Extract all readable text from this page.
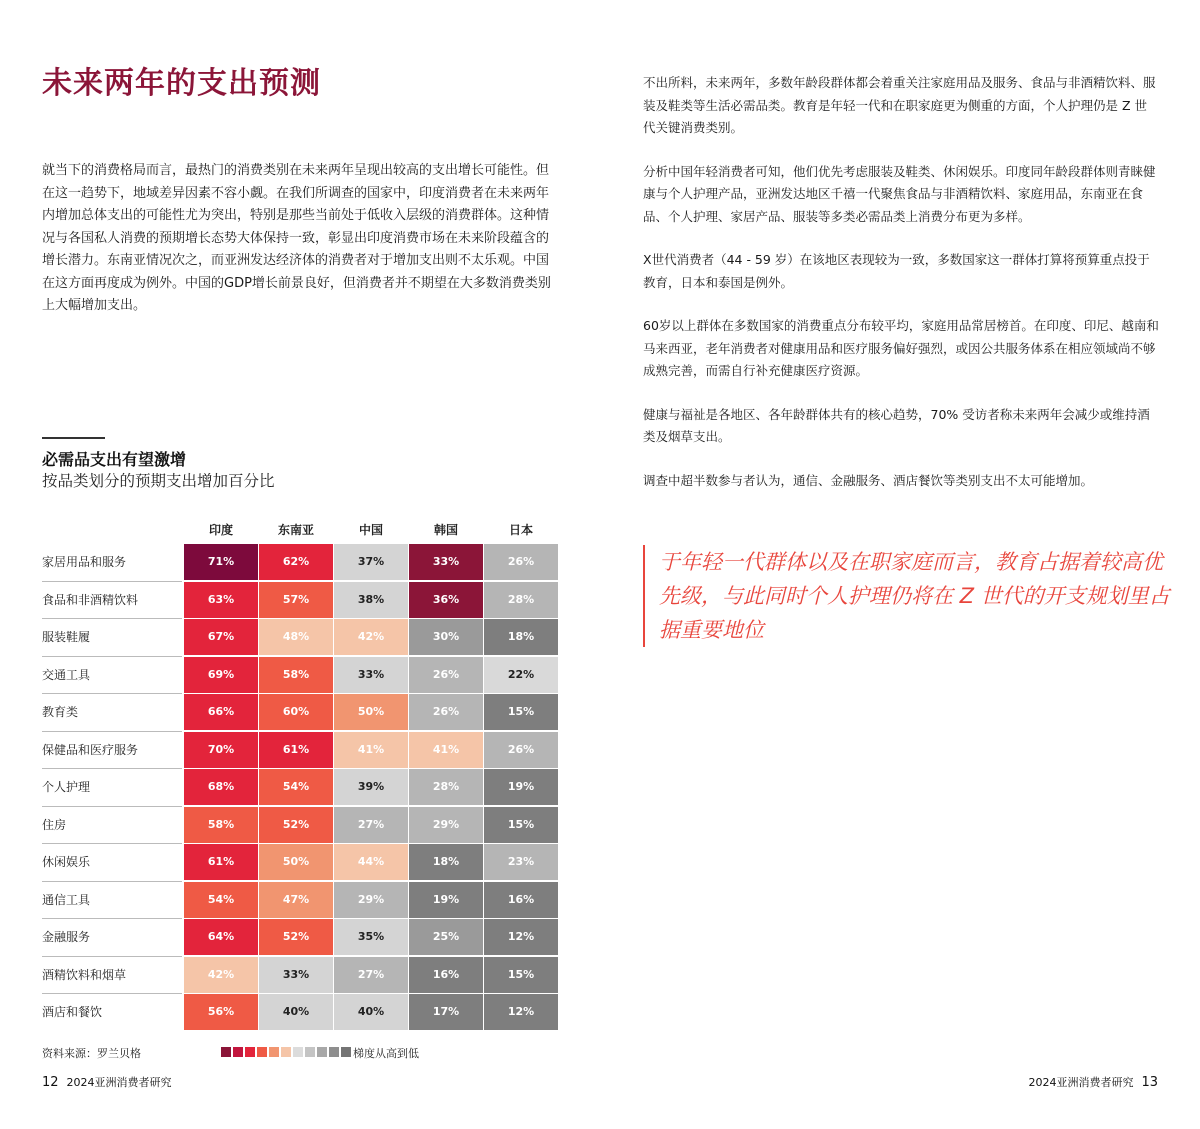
未来两年的支出预测

就当下的消费格局而言，最热门的消费类别在未来两年呈现出较高的支出增长可能性。但在这一趋势下，地域差异因素不容小觑。在我们所调查的国家中，印度消费者在未来两年内增加总体支出的可能性尤为突出，特别是那些当前处于低收入层级的消费群体。这种情况与各国私人消费的预期增长态势大体保持一致，彰显出印度消费市场在未来阶段蕴含的增长潜力。东南亚情况次之，而亚洲发达经济体的消费者对于增加支出则不太乐观。中国在这方面再度成为例外。中国的GDP增长前景良好，但消费者并不期望在大多数消费类别上大幅增加支出。

必需品支出有望激增

按品类划分的预期支出增加百分比

印度	东南亚	中国	韩国	日本
家居用品和服务	71%	62%	37%	33%	26%
食品和非酒精饮料	63%	57%	38%	36%	28%
服装鞋履	67%	48%	42%	30%	18%
交通工具	69%	58%	33%	26%	22%
教育类	66%	60%	50%	26%	15%
保健品和医疗服务	70%	61%	41%	41%	26%
个人护理	68%	54%	39%	28%	19%
住房	58%	52%	27%	29%	15%
休闲娱乐	61%	50%	44%	18%	23%
通信工具	54%	47%	29%	19%	16%
金融服务	64%	52%	35%	25%	12%
酒精饮料和烟草	42%	33%	27%	16%	15%
酒店和餐饮	56%	40%	40%	17%	12%

资料来源：罗兰贝格	梯度从高到低

12 2024亚洲消费者研究	2024亚洲消费者研究 13

不出所料，未来两年，多数年龄段群体都会着重关注家庭用品及服务、食品与非酒精饮料、服装及鞋类等生活必需品类。教育是年轻一代和在职家庭更为侧重的方面，个人护理仍是 Z 世代关键消费类别。

分析中国年轻消费者可知，他们优先考虑服装及鞋类、休闲娱乐。印度同年龄段群体则青睐健康与个人护理产品，亚洲发达地区千禧一代聚焦食品与非酒精饮料、家庭用品，东南亚在食品、个人护理、家居产品、服装等多类必需品类上消费分布更为多样。

X世代消费者（44 - 59 岁）在该地区表现较为一致，多数国家这一群体打算将预算重点投于教育，日本和泰国是例外。

60岁以上群体在多数国家的消费重点分布较平均，家庭用品常居榜首。在印度、印尼、越南和马来西亚，老年消费者对健康用品和医疗服务偏好强烈，或因公共服务体系在相应领域尚不够成熟完善，而需自行补充健康医疗资源。

健康与福祉是各地区、各年龄群体共有的核心趋势，70% 受访者称未来两年会减少或维持酒类及烟草支出。

调查中超半数参与者认为，通信、金融服务、酒店餐饮等类别支出不太可能增加。

于年轻一代群体以及在职家庭而言，教育占据着较高优先级，与此同时个人护理仍将在 Z 世代的开支规划里占据重要地位
